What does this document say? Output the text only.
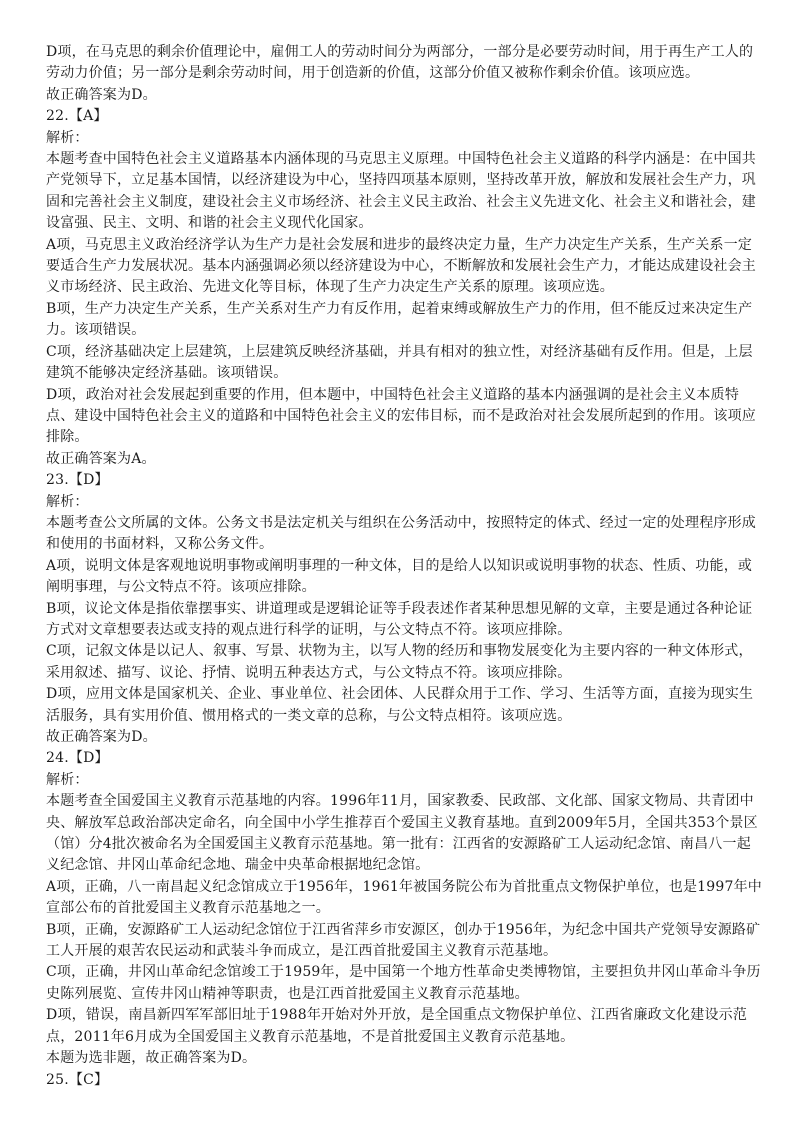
D项，在马克思的剩余价值理论中，雇佣工人的劳动时间分为两部分，一部分是必要劳动时间，用于再生产工人的劳动力价值；另一部分是剩余劳动时间，用于创造新的价值，这部分价值又被称作剩余价值。该项应选。
故正确答案为D。
22.【A】
解析：
本题考查中国特色社会主义道路基本内涵体现的马克思主义原理。中国特色社会主义道路的科学内涵是：在中国共产党领导下，立足基本国情，以经济建设为中心，坚持四项基本原则，坚持改革开放，解放和发展社会生产力，巩固和完善社会主义制度，建设社会主义市场经济、社会主义民主政治、社会主义先进文化、社会主义和谐社会，建设富强、民主、文明、和谐的社会主义现代化国家。
A项，马克思主义政治经济学认为生产力是社会发展和进步的最终决定力量，生产力决定生产关系，生产关系一定要适合生产力发展状况。基本内涵强调必须以经济建设为中心，不断解放和发展社会生产力，才能达成建设社会主义市场经济、民主政治、先进文化等目标，体现了生产力决定生产关系的原理。该项应选。
B项，生产力决定生产关系，生产关系对生产力有反作用，起着束缚或解放生产力的作用，但不能反过来决定生产力。该项错误。
C项，经济基础决定上层建筑，上层建筑反映经济基础，并具有相对的独立性，对经济基础有反作用。但是，上层建筑不能够决定经济基础。该项错误。
D项，政治对社会发展起到重要的作用，但本题中，中国特色社会主义道路的基本内涵强调的是社会主义本质特点、建设中国特色社会主义的道路和中国特色社会主义的宏伟目标，而不是政治对社会发展所起到的作用。该项应排除。
故正确答案为A。
23.【D】
解析：
本题考查公文所属的文体。公务文书是法定机关与组织在公务活动中，按照特定的体式、经过一定的处理程序形成和使用的书面材料，又称公务文件。
A项，说明文体是客观地说明事物或阐明事理的一种文体，目的是给人以知识或说明事物的状态、性质、功能，或阐明事理，与公文特点不符。该项应排除。
B项，议论文体是指依靠摆事实、讲道理或是逻辑论证等手段表述作者某种思想见解的文章，主要是通过各种论证方式对文章想要表达或支持的观点进行科学的证明，与公文特点不符。该项应排除。
C项，记叙文体是以记人、叙事、写景、状物为主，以写人物的经历和事物发展变化为主要内容的一种文体形式，采用叙述、描写、议论、抒情、说明五种表达方式，与公文特点不符。该项应排除。
D项，应用文体是国家机关、企业、事业单位、社会团体、人民群众用于工作、学习、生活等方面，直接为现实生活服务，具有实用价值、惯用格式的一类文章的总称，与公文特点相符。该项应选。
故正确答案为D。
24.【D】
解析：
本题考查全国爱国主义教育示范基地的内容。1996年11月，国家教委、民政部、文化部、国家文物局、共青团中央、解放军总政治部决定命名，向全国中小学生推荐百个爱国主义教育基地。直到2009年5月，全国共353个景区（馆）分4批次被命名为全国爱国主义教育示范基地。第一批有：江西省的安源路矿工人运动纪念馆、南昌八一起义纪念馆、井冈山革命纪念地、瑞金中央革命根据地纪念馆。
A项，正确，八一南昌起义纪念馆成立于1956年，1961年被国务院公布为首批重点文物保护单位，也是1997年中宣部公布的首批爱国主义教育示范基地之一。
B项，正确，安源路矿工人运动纪念馆位于江西省萍乡市安源区，创办于1956年，为纪念中国共产党领导安源路矿工人开展的艰苦农民运动和武装斗争而成立，是江西首批爱国主义教育示范基地。
C项，正确，井冈山革命纪念馆竣工于1959年，是中国第一个地方性革命史类博物馆，主要担负井冈山革命斗争历史陈列展览、宣传井冈山精神等职责，也是江西首批爱国主义教育示范基地。
D项，错误，南昌新四军军部旧址于1988年开始对外开放，是全国重点文物保护单位、江西省廉政文化建设示范点，2011年6月成为全国爱国主义教育示范基地，不是首批爱国主义教育示范基地。
本题为选非题，故正确答案为D。
25.【C】
